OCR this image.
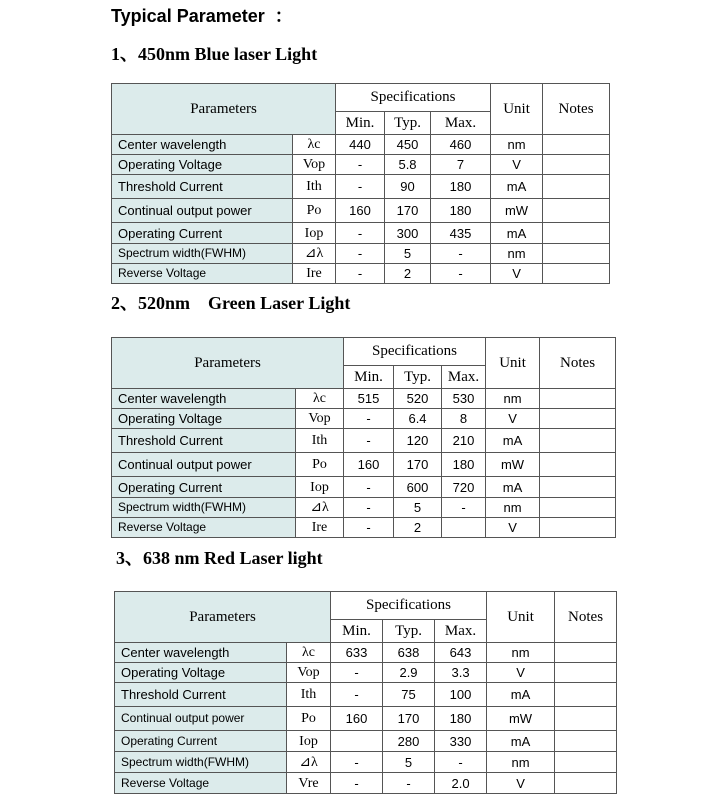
Typical Parameter  ：
1、450nm Blue laser Light
Parameters		Specifications			Unit	Notes
		Min.	Typ.	Max.		
Center wavelength	λc	440	450	460	nm	
Operating Voltage	Vop	-	5.8	7	V	
Threshold Current	Ith	-	90	180	mA	
Continual output power	Po	160	170	180	mW	
Operating Current	Iop	-	300	435	mA	
Spectrum width(FWHM)	⊿λ	-	5	-	nm	
Reverse Voltage	Ire	-	2	-	V	
2、520nm    Green Laser Light
Parameters		Specifications			Unit	Notes
		Min.	Typ.	Max.		
Center wavelength	λc	515	520	530	nm	
Operating Voltage	Vop	-	6.4	8	V	
Threshold Current	Ith	-	120	210	mA	
Continual output power	Po	160	170	180	mW	
Operating Current	Iop	-	600	720	mA	
Spectrum width(FWHM)	⊿λ	-	5	-	nm	
Reverse Voltage	Ire	-	2		V	
3、638 nm Red Laser light
Parameters		Specifications			Unit	Notes
		Min.	Typ.	Max.		
Center wavelength	λc	633	638	643	nm	
Operating Voltage	Vop	-	2.9	3.3	V	
Threshold Current	Ith	-	75	100	mA	
Continual output power	Po	160	170	180	mW	
Operating Current	Iop		280	330	mA	
Spectrum width(FWHM)	⊿λ	-	5	-	nm	
Reverse Voltage	Vre	-	-	2.0	V	
